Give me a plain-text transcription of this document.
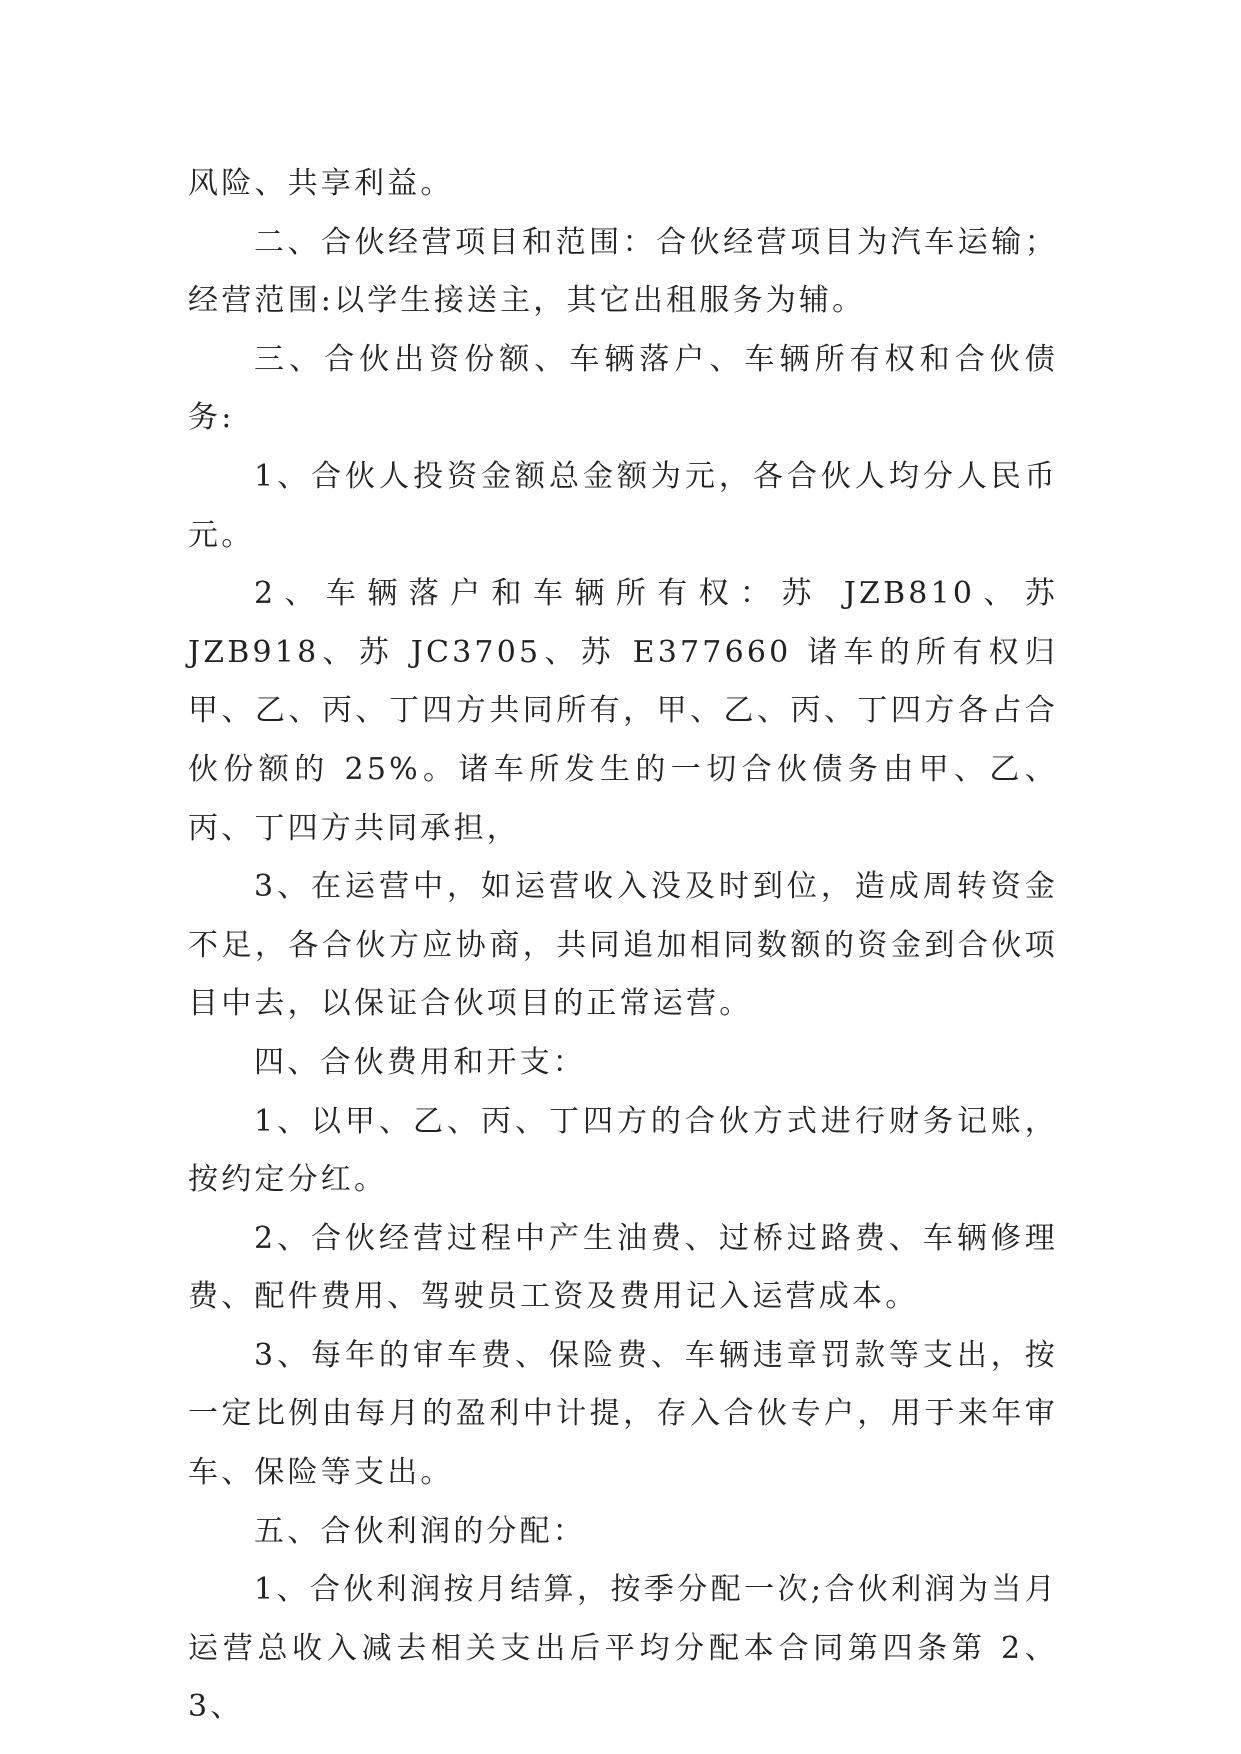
风险、共享利益。

二、合伙经营项目和范围：合伙经营项目为汽车运输；经营范围:以学生接送主，其它出租服务为辅。

三、合伙出资份额、车辆落户、车辆所有权和合伙债务:

1、合伙人投资金额总金额为元，各合伙人均分人民币元。

2、车辆落户和车辆所有权：苏 JZB810、苏 JZB918、苏 JC3705、苏 E377660 诸车的所有权归甲、乙、丙、丁四方共同所有，甲、乙、丙、丁四方各占合伙份额的 25%。诸车所发生的一切合伙债务由甲、乙、丙、丁四方共同承担，

3、在运营中，如运营收入没及时到位，造成周转资金不足，各合伙方应协商，共同追加相同数额的资金到合伙项目中去，以保证合伙项目的正常运营。

四、合伙费用和开支：

1、以甲、乙、丙、丁四方的合伙方式进行财务记账，按约定分红。

2、合伙经营过程中产生油费、过桥过路费、车辆修理费、配件费用、驾驶员工资及费用记入运营成本。

3、每年的审车费、保险费、车辆违章罚款等支出，按一定比例由每月的盈利中计提，存入合伙专户，用于来年审车、保险等支出。

五、合伙利润的分配：

1、合伙利润按月结算，按季分配一次;合伙利润为当月运营总收入减去相关支出后平均分配本合同第四条第 2、3、
